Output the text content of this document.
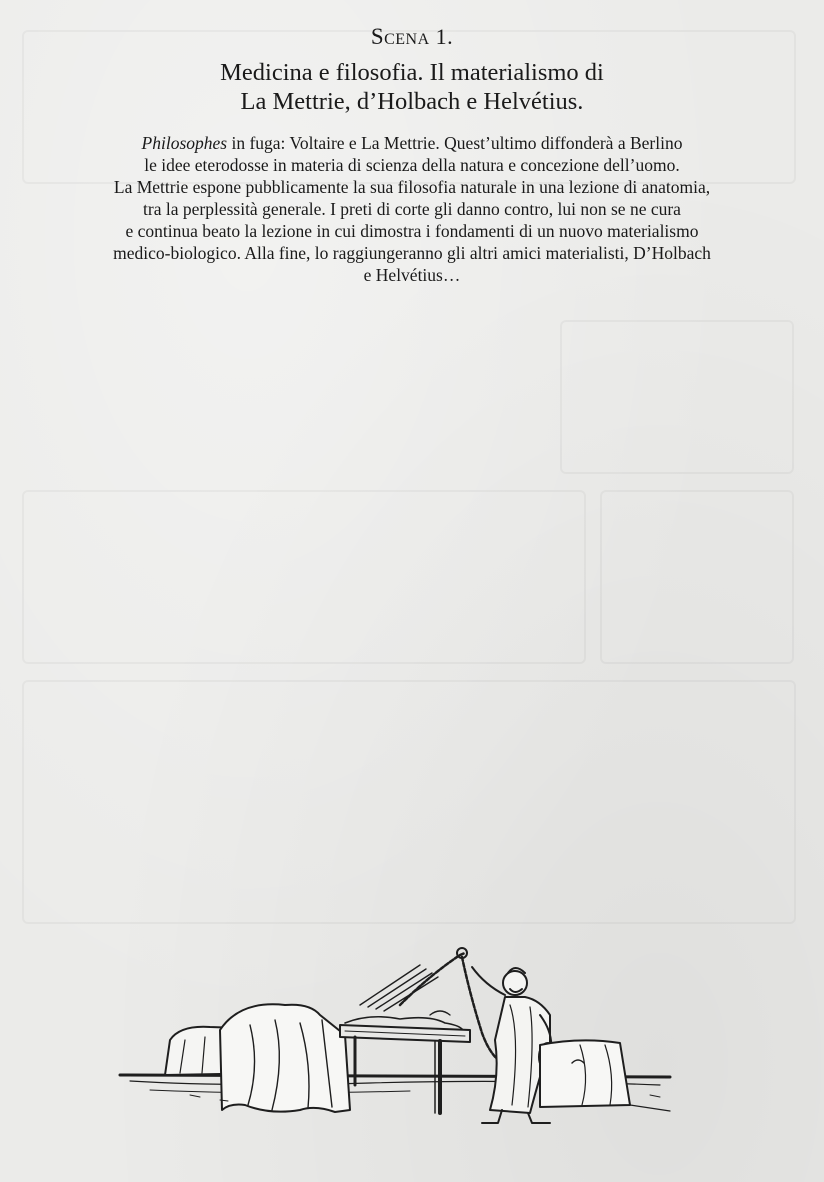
Scena 1.
Medicina e filosofia. Il materialismo di
La Mettrie, d’Holbach e Helvétius.
Philosophes in fuga: Voltaire e La Mettrie. Quest’ultimo diffonderà a Berlino
le idee eterodosse in materia di scienza della natura e concezione dell’uomo.
La Mettrie espone pubblicamente la sua filosofia naturale in una lezione di anatomia,
tra la perplessità generale. I preti di corte gli danno contro, lui non se ne cura
e continua beato la lezione in cui dimostra i fondamenti di un nuovo materialismo
medico-biologico. Alla fine, lo raggiungeranno gli altri amici materialisti, D’Holbach
e Helvétius…
